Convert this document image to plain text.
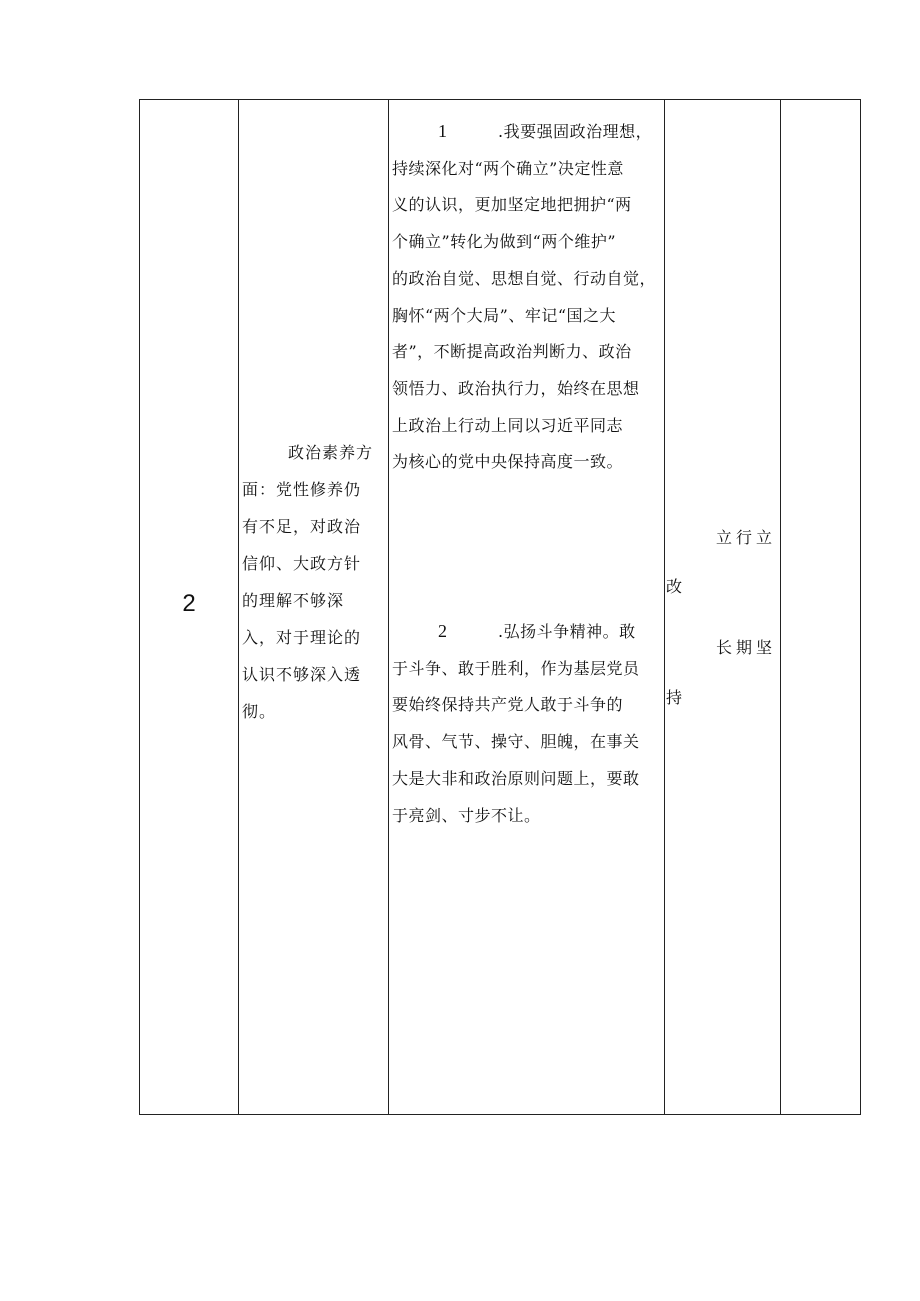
2
政治素养方
面：党性修养仍
有不足，对政治
信仰、大政方针
的理解不够深
入，对于理论的
认识不够深入透
彻。
1	.我要强固政治理想，
持续深化对“两个确立”决定性意
义的认识，更加坚定地把拥护“两
个确立”转化为做到“两个维护”
的政治自觉、思想自觉、行动自觉，
胸怀“两个大局”、牢记“国之大
者”，不断提高政治判断力、政治
领悟力、政治执行力，始终在思想
上政治上行动上同以习近平同志
为核心的党中央保持高度一致。
2	.弘扬斗争精神。敢
于斗争、敢于胜利，作为基层党员
要始终保持共产党人敢于斗争的
风骨、气节、操守、胆魄，在事关
大是大非和政治原则问题上，要敢
于亮剑、寸步不让。
改
持
立行立
长期坚
